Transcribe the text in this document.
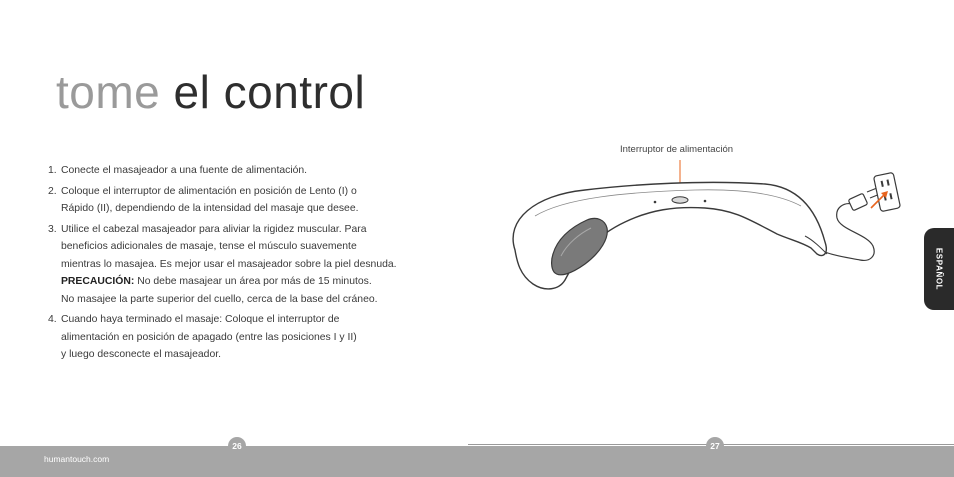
tome el control
1. Conecte el masajeador a una fuente de alimentación.
2. Coloque el interruptor de alimentación en posición de Lento (I) o
Rápido (II), dependiendo de la intensidad del masaje que desee.
3. Utilice el cabezal masajeador para aliviar la rigidez muscular. Para
beneficios adicionales de masaje, tense el músculo suavemente
mientras lo masajea. Es mejor usar el masajeador sobre la piel desnuda.
PRECAUCIÓN: No debe masajear un área por más de 15 minutos.
No masajee la parte superior del cuello, cerca de la base del cráneo.
4. Cuando haya terminado el masaje: Coloque el interruptor de
alimentación en posición de apagado (entre las posiciones I y II)
y luego desconecte el masajeador.
Interruptor de alimentación
ESPAÑOL
humantouch.com
26	27
